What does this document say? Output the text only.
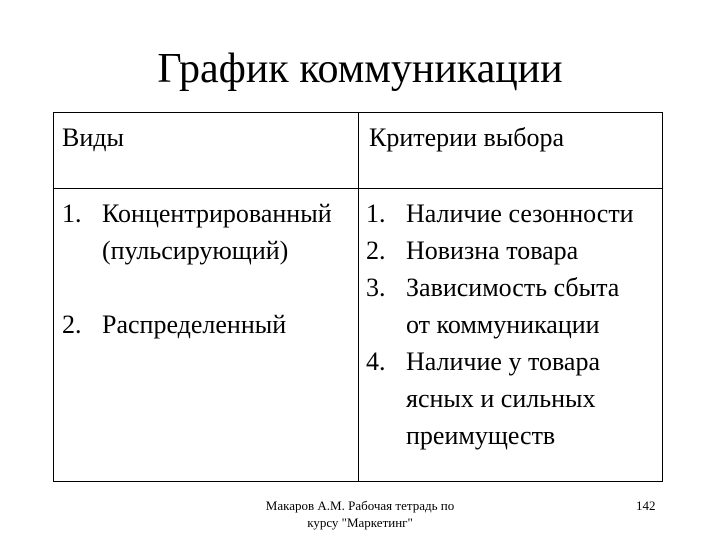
График коммуникации
Виды	Критерии выбора
1. Концентрированный
(пульсирующий)
2. Распределенный
1. Наличие сезонности
2. Новизна товара
3. Зависимость сбыта
от коммуникации
4. Наличие у товара
ясных и сильных
преимуществ
Макаров А.М. Рабочая тетрадь по
курсу "Маркетинг"
142
